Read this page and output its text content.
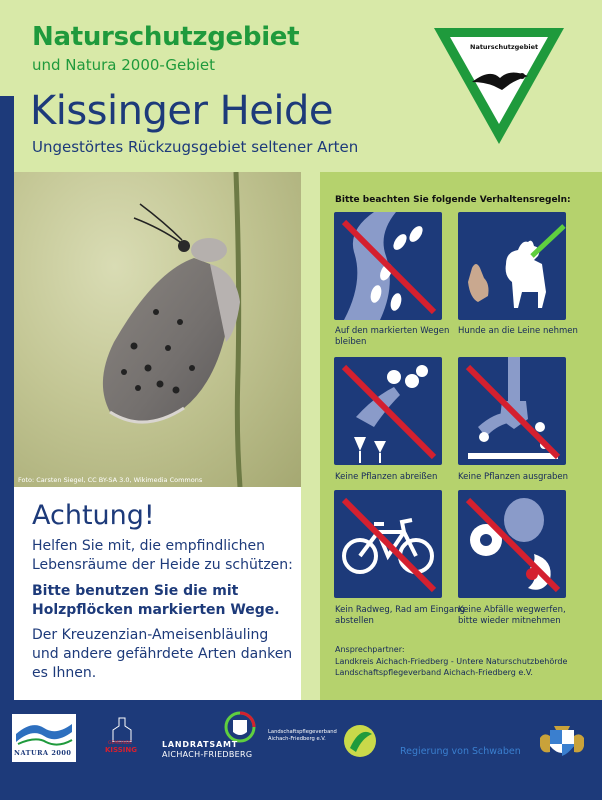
Naturschutzgebiet
und Natura 2000-Gebiet
Kissinger Heide
Ungestörtes Rückzugsgebiet seltener Arten
Naturschutzgebiet
Foto: Carsten Siegel, CC BY-SA 3.0, Wikimedia Commons
Achtung!
Helfen Sie mit, die empfindlichen Lebensräume der Heide zu schützen:
Bitte benutzen Sie die mit Holzpflöcken markierten Wege.
Der Kreuzenzian-Ameisenbläuling und andere gefährdete Arten danken es Ihnen.
Bitte beachten Sie folgende Verhaltensregeln:
Auf den markierten Wegen bleiben
Hunde an die Leine nehmen
Keine Pflanzen abreißen	Keine Pflanzen ausgraben
Kein Radweg, Rad am Eingang abstellen
Keine Abfälle wegwerfen, bitte wieder mitnehmen
Ansprechpartner:
Landkreis Aichach-Friedberg - Untere Naturschutzbehörde
Landschaftspflegeverband Aichach-Friedberg e.V.
NATURA 2000
GEMEINDE
KISSING
LANDRATSAMT
AICHACH-FRIEDBERG
Landschaftspflegeverband
Aichach-Friedberg e.V.
Regierung von Schwaben
